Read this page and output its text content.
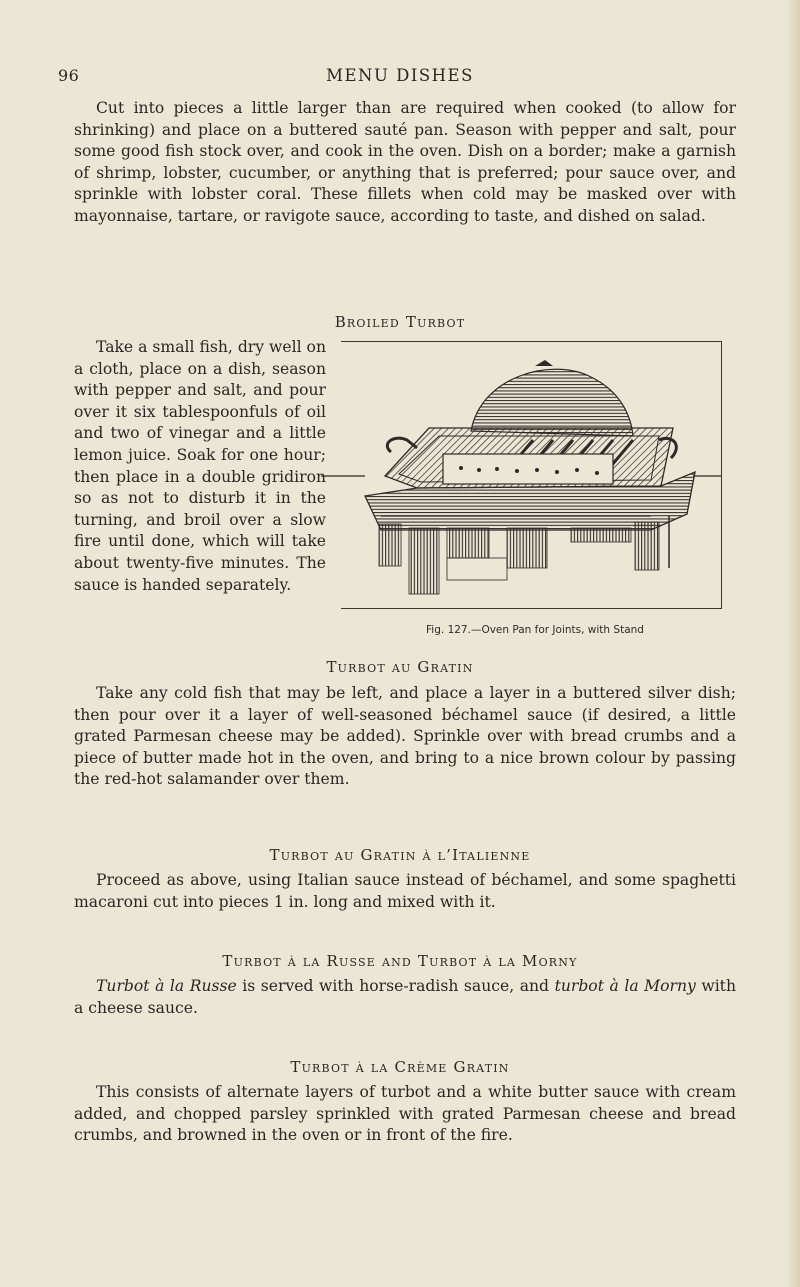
96	MENU DISHES

Cut into pieces a little larger than are required when cooked (to allow for shrinking) and place on a buttered sauté pan. Season with pepper and salt, pour some good fish stock over, and cook in the oven. Dish on a border; make a garnish of shrimp, lobster, cucumber, or anything that is preferred; pour sauce over, and sprinkle with lobster coral. These fillets when cold may be masked over with mayonnaise, tartare, or ravigote sauce, according to taste, and dished on salad.

Broiled Turbot

Take a small fish, dry well on a cloth, place on a dish, season with pepper and salt, and pour over it six tablespoonfuls of oil and two of vinegar and a little lemon juice. Soak for one hour; then place in a double gridiron so as not to disturb it in the turning, and broil over a slow fire until done, which will take about twenty-five minutes. The sauce is handed separately.

Fig. 127.—Oven Pan for Joints, with Stand
Turbot au Gratin

Take any cold fish that may be left, and place a layer in a buttered silver dish; then pour over it a layer of well-seasoned béchamel sauce (if desired, a little grated Parmesan cheese may be added). Sprinkle over with bread crumbs and a piece of butter made hot in the oven, and bring to a nice brown colour by passing the red-hot salamander over them.

Turbot au Gratin à l’Italienne

Proceed as above, using Italian sauce instead of béchamel, and some spaghetti macaroni cut into pieces 1 in. long and mixed with it.

Turbot à la Russe and Turbot à la Morny

Turbot à la Russe is served with horse-radish sauce, and turbot à la Morny with a cheese sauce.

Turbot à la Crème Gratin

This consists of alternate layers of turbot and a white butter sauce with cream added, and chopped parsley sprinkled with grated Parmesan cheese and bread crumbs, and browned in the oven or in front of the fire.
